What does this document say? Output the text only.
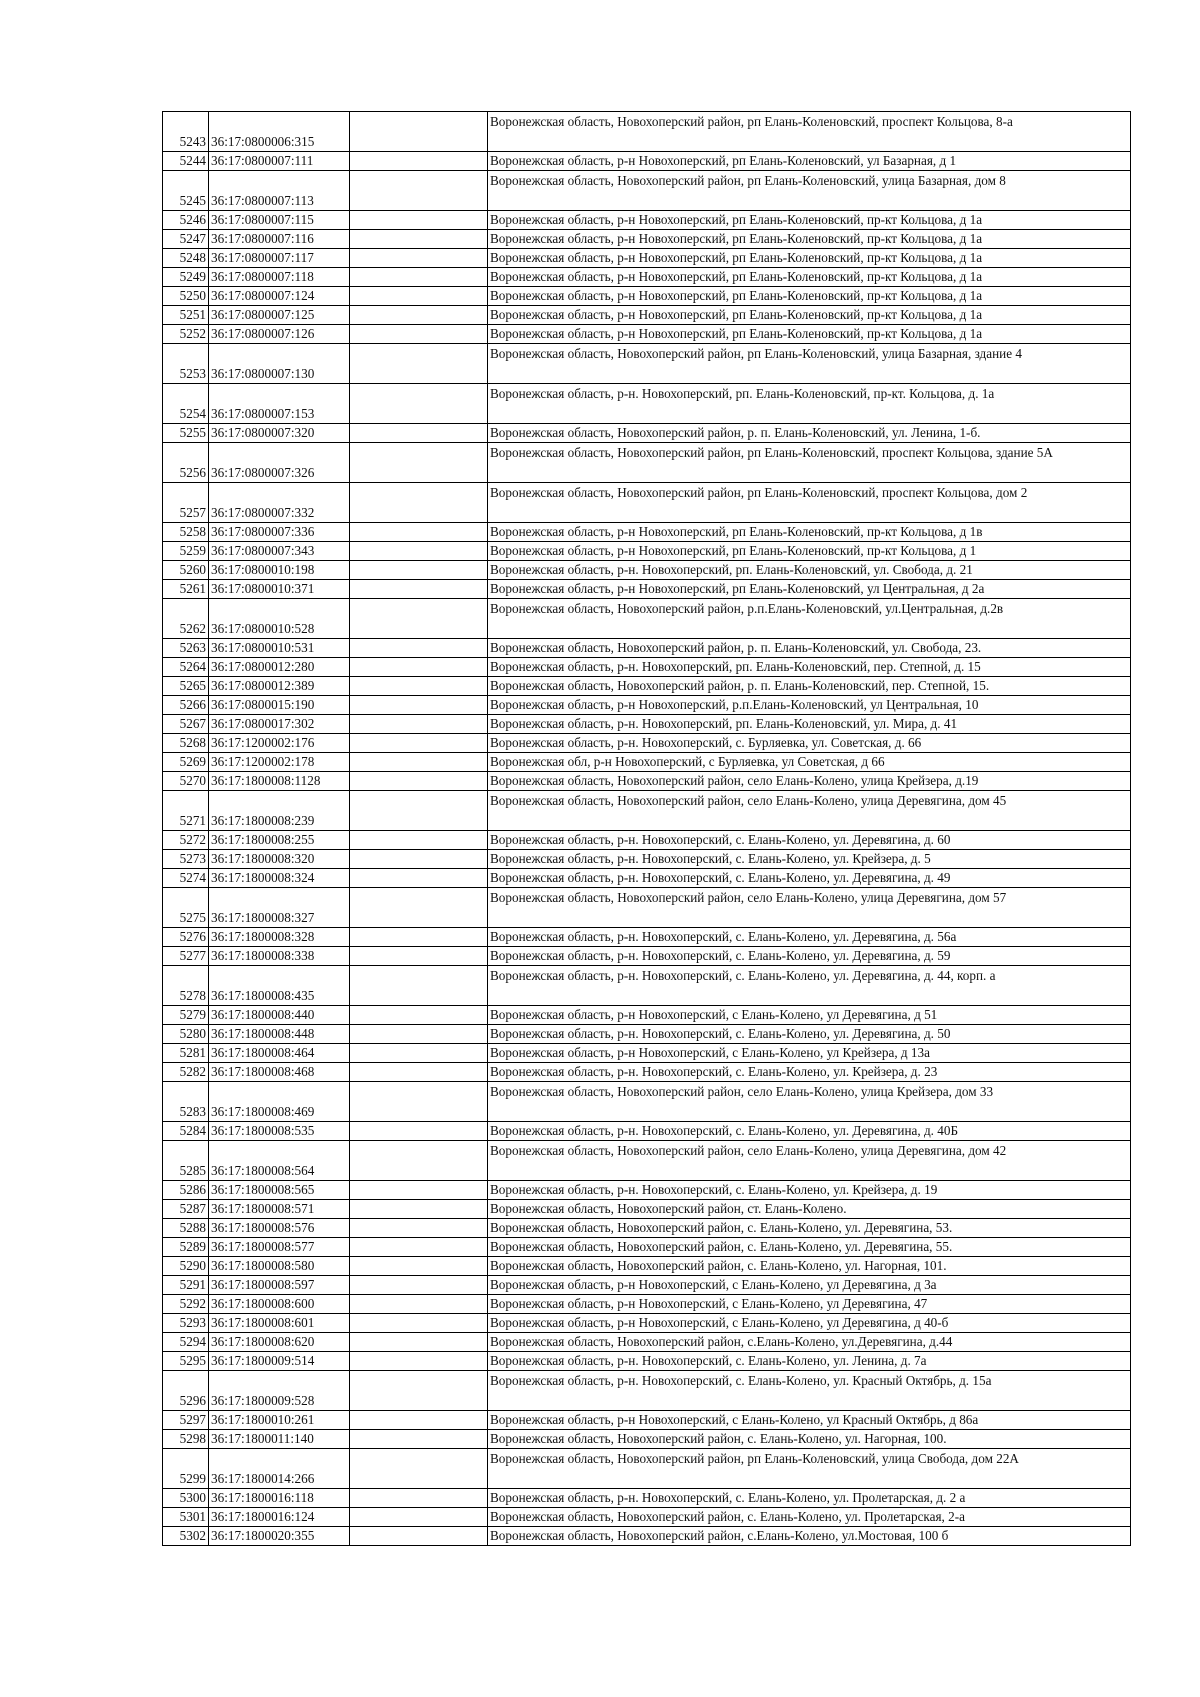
5243	36:17:0800006:315		Воронежская область, Новохоперский район, рп Елань-Коленовский, проспект Кольцова, 8-а
5244	36:17:0800007:111		Воронежская область, р-н Новохоперский, рп Елань-Коленовский, ул Базарная, д 1
5245	36:17:0800007:113		Воронежская область, Новохоперский район, рп Елань-Коленовский, улица Базарная, дом 8
5246	36:17:0800007:115		Воронежская область, р-н Новохоперский, рп Елань-Коленовский, пр-кт Кольцова, д 1а
5247	36:17:0800007:116		Воронежская область, р-н Новохоперский, рп Елань-Коленовский, пр-кт Кольцова, д 1а
5248	36:17:0800007:117		Воронежская область, р-н Новохоперский, рп Елань-Коленовский, пр-кт Кольцова, д 1а
5249	36:17:0800007:118		Воронежская область, р-н Новохоперский, рп Елань-Коленовский, пр-кт Кольцова, д 1а
5250	36:17:0800007:124		Воронежская область, р-н Новохоперский, рп Елань-Коленовский, пр-кт Кольцова, д 1а
5251	36:17:0800007:125		Воронежская область, р-н Новохоперский, рп Елань-Коленовский, пр-кт Кольцова, д 1а
5252	36:17:0800007:126		Воронежская область, р-н Новохоперский, рп Елань-Коленовский, пр-кт Кольцова, д 1а
5253	36:17:0800007:130		Воронежская область, Новохоперский район, рп Елань-Коленовский, улица Базарная, здание 4
5254	36:17:0800007:153		Воронежская область, р-н. Новохоперский, рп. Елань-Коленовский, пр-кт. Кольцова, д. 1а
5255	36:17:0800007:320		Воронежская область, Новохоперский район, р. п. Елань-Коленовский, ул. Ленина, 1-б.
5256	36:17:0800007:326		Воронежская область, Новохоперский район, рп Елань-Коленовский, проспект Кольцова, здание 5А
5257	36:17:0800007:332		Воронежская область, Новохоперский район, рп Елань-Коленовский, проспект Кольцова, дом 2
5258	36:17:0800007:336		Воронежская область, р-н Новохоперский, рп Елань-Коленовский, пр-кт Кольцова, д 1в
5259	36:17:0800007:343		Воронежская область, р-н Новохоперский, рп Елань-Коленовский, пр-кт Кольцова, д 1
5260	36:17:0800010:198		Воронежская область, р-н. Новохоперский, рп. Елань-Коленовский, ул. Свобода, д. 21
5261	36:17:0800010:371		Воронежская область, р-н Новохоперский, рп Елань-Коленовский, ул Центральная, д 2а
5262	36:17:0800010:528		Воронежская область, Новохоперский район, р.п.Елань-Коленовский, ул.Центральная, д.2в
5263	36:17:0800010:531		Воронежская область, Новохоперский район, р. п. Елань-Коленовский, ул. Свобода, 23.
5264	36:17:0800012:280		Воронежская область, р-н. Новохоперский, рп. Елань-Коленовский, пер. Степной, д. 15
5265	36:17:0800012:389		Воронежская область, Новохоперский район, р. п. Елань-Коленовский, пер. Степной, 15.
5266	36:17:0800015:190		Воронежская область, р-н Новохоперский, р.п.Елань-Коленовский, ул Центральная, 10
5267	36:17:0800017:302		Воронежская область, р-н. Новохоперский, рп. Елань-Коленовский, ул. Мира, д. 41
5268	36:17:1200002:176		Воронежская область, р-н. Новохоперский, с. Бурляевка, ул. Советская, д. 66
5269	36:17:1200002:178		Воронежская обл, р-н Новохоперский, с Бурляевка, ул Советская, д 66
5270	36:17:1800008:1128		Воронежская область, Новохоперский район, село Елань-Колено, улица Крейзера, д.19
5271	36:17:1800008:239		Воронежская область, Новохоперский район, село Елань-Колено, улица Деревягина, дом 45
5272	36:17:1800008:255		Воронежская область, р-н. Новохоперский, с. Елань-Колено, ул. Деревягина, д. 60
5273	36:17:1800008:320		Воронежская область, р-н. Новохоперский, с. Елань-Колено, ул. Крейзера, д. 5
5274	36:17:1800008:324		Воронежская область, р-н. Новохоперский, с. Елань-Колено, ул. Деревягина, д. 49
5275	36:17:1800008:327		Воронежская область, Новохоперский район, село Елань-Колено, улица Деревягина, дом 57
5276	36:17:1800008:328		Воронежская область, р-н. Новохоперский, с. Елань-Колено, ул. Деревягина, д. 56а
5277	36:17:1800008:338		Воронежская область, р-н. Новохоперский, с. Елань-Колено, ул. Деревягина, д. 59
5278	36:17:1800008:435		Воронежская область, р-н. Новохоперский, с. Елань-Колено, ул. Деревягина, д. 44, корп. а
5279	36:17:1800008:440		Воронежская область, р-н Новохоперский, с Елань-Колено, ул Деревягина, д 51
5280	36:17:1800008:448		Воронежская область, р-н. Новохоперский, с. Елань-Колено, ул. Деревягина, д. 50
5281	36:17:1800008:464		Воронежская область, р-н Новохоперский, с Елань-Колено, ул Крейзера, д 13а
5282	36:17:1800008:468		Воронежская область, р-н. Новохоперский, с. Елань-Колено, ул. Крейзера, д. 23
5283	36:17:1800008:469		Воронежская область, Новохоперский район, село Елань-Колено, улица Крейзера, дом 33
5284	36:17:1800008:535		Воронежская область, р-н. Новохоперский, с. Елань-Колено, ул. Деревягина, д. 40Б
5285	36:17:1800008:564		Воронежская область, Новохоперский район, село Елань-Колено, улица Деревягина, дом 42
5286	36:17:1800008:565		Воронежская область, р-н. Новохоперский, с. Елань-Колено, ул. Крейзера, д. 19
5287	36:17:1800008:571		Воронежская область, Новохоперский район, ст. Елань-Колено.
5288	36:17:1800008:576		Воронежская область, Новохоперский район, с. Елань-Колено, ул. Деревягина, 53.
5289	36:17:1800008:577		Воронежская область, Новохоперский район, с. Елань-Колено, ул. Деревягина, 55.
5290	36:17:1800008:580		Воронежская область, Новохоперский район, с. Елань-Колено, ул. Нагорная, 101.
5291	36:17:1800008:597		Воронежская область, р-н Новохоперский, с Елань-Колено, ул Деревягина, д 3а
5292	36:17:1800008:600		Воронежская область, р-н Новохоперский, с Елань-Колено, ул Деревягина, 47
5293	36:17:1800008:601		Воронежская область, р-н Новохоперский, с Елань-Колено, ул Деревягина, д 40-б
5294	36:17:1800008:620		Воронежская область, Новохоперский район, с.Елань-Колено, ул.Деревягина, д.44
5295	36:17:1800009:514		Воронежская область, р-н. Новохоперский, с. Елань-Колено, ул. Ленина, д. 7а
5296	36:17:1800009:528		Воронежская область, р-н. Новохоперский, с. Елань-Колено, ул. Красный Октябрь, д. 15а
5297	36:17:1800010:261		Воронежская область, р-н Новохоперский, с Елань-Колено, ул Красный Октябрь, д 86а
5298	36:17:1800011:140		Воронежская область, Новохоперский район, с. Елань-Колено, ул. Нагорная, 100.
5299	36:17:1800014:266		Воронежская область, Новохоперский район, рп Елань-Коленовский, улица Свобода, дом 22А
5300	36:17:1800016:118		Воронежская область, р-н. Новохоперский, с. Елань-Колено, ул. Пролетарская, д. 2 а
5301	36:17:1800016:124		Воронежская область, Новохоперский район, с. Елань-Колено, ул. Пролетарская, 2-а
5302	36:17:1800020:355		Воронежская область, Новохоперский район, с.Елань-Колено, ул.Мостовая, 100 б
